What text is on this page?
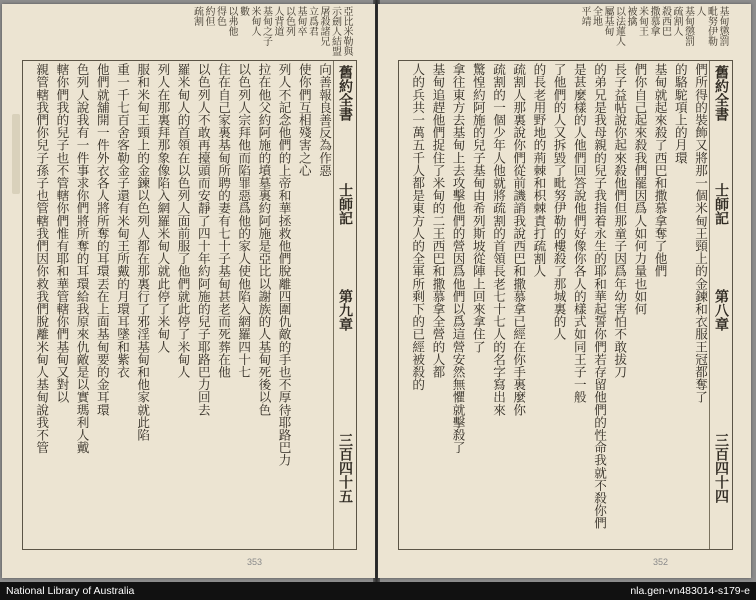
亞比米勒與
示劍人結盟
屠殺諸兄
立爲君
基甸卒
以色列
人背道
基甸之子
米甸人
數
以弗他
得色
約但
疏割
舊約全書  士師記  第九章  三百四十五
向善報良善反為作惡
使你們互相殘害之心
列人不記念他們的上帝和華拯救他們脫離四圍仇敵的手也不厚待耶路巴力
拉在他父約阿施的墳墓裏約阿施是亞比以謝族的人基甸死後以色
以色列人宗拜他而陷罪惡爲他的家人使他陷入網羅四十七
住在自己家裏基甸所聘的妻有七十子基甸甚老而死葬在他
以色列人不敢再擡頭而安靜了四十年約阿施的兒子耶路巴力回去
羅米甸人的首領在以色列人面前服了他們就此停了米甸人
列人在那裏拜那象像陷入網羅米甸人就此停了米甸人
服和米甸王頸上的金鍊以色列人都在那裏行了邪淫基甸和他家就此陷
重一千七百舍客勒金子還有米甸王所戴的月環耳墜和紫衣
他們就舖開一件外衣各人將所奪的耳環丟在上面基甸要的金耳環
色列人說我有一件事求你們將所奪的耳環給我原來仇敵是以實瑪利人戴
轄你們我的兒子也不管轄你們惟有耶和華管轄你們基甸又對以
親管轄我們你兒子孫子也管轄我們因你救我們脫離米甸人基甸說我不管
353
基甸懲罰
毗努伊勒
人
基甸懲罰
疏割人
殺西巴
撒慕拿
米甸王
被擒
以法蓮人
屬基甸
全地
平靖
舊約全書  士師記  第八章  三百四十四
們所得的裝飾又將那一個米甸王頸上的金鍊和衣服王冠都奪了
的駱駝項上的月環
基甸就起來殺了西巴和撒慕拿奪了他們
們你自己起來殺我們罷因爲人如何力量也如何
長子益帖說你起來殺他們但那童子因爲年幼害怕不敢拔刀
的弟兄是我母親的兒子我指着永生的耶和華起誓你們若存留他們的性命我就不殺你們
是甚麼樣的人他們回答說他們好像你各人的樣式如同王子一般
了他們的人又拆毀了毗努伊勒的樓殺了那城裏的人
的長老用野地的荊棘和枳棘責打疏割人
疏割人那裏說你們從前譏誚我說西巴和撒慕拿已經在你手裏麼你
疏割的一個少年人他就將疏割的首領長老七十七人的名字寫出來
驚惶約阿施的兒子基甸由希列斯坡從陣上回來拿住了
拿往東方去基甸上去攻擊他們的營因爲他們以爲這營安然無懼就擊殺了
基甸追趕他們捉住了米甸的二王西巴和撒慕拿全營的人都
人的兵共一萬五千人都是東方人的全軍所剩下的已經被殺的
352
National Library of Australia	nla.gen-vn483014-s179-e
